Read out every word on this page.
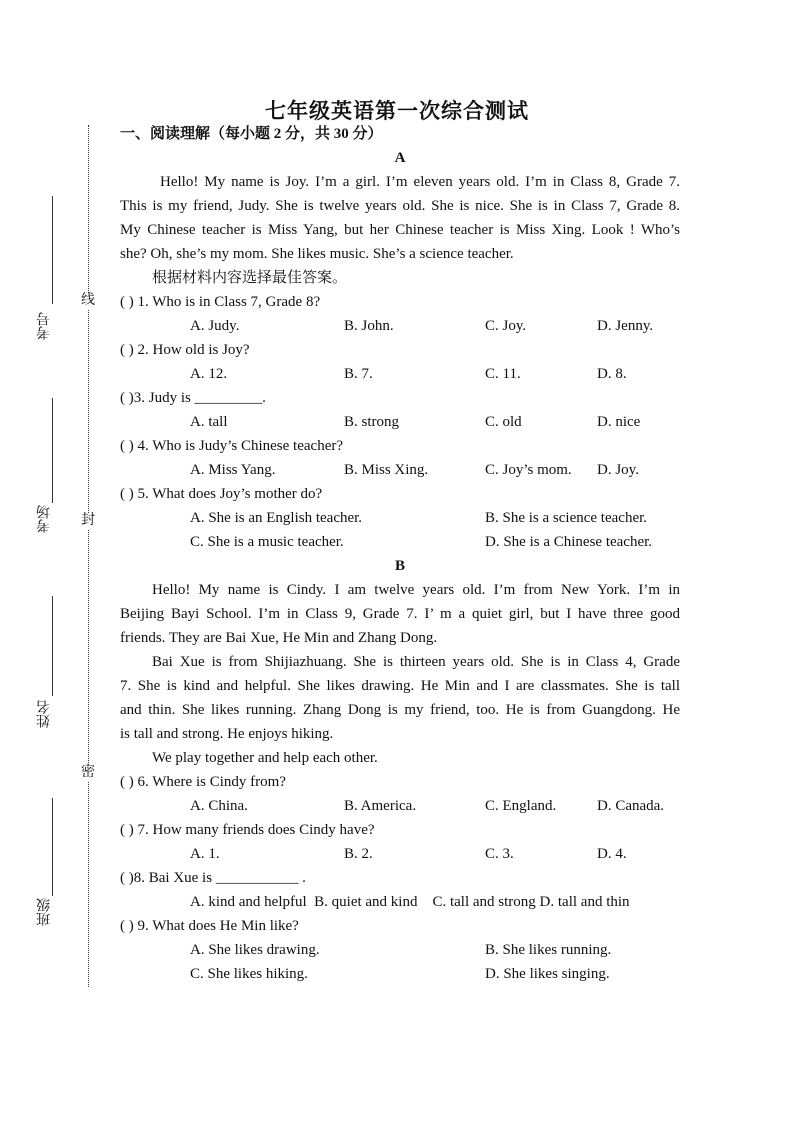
线
封
密
考号
考场
姓名
班级
七年级英语第一次综合测试
一、阅读理解（每小题 2 分，共 30 分）
A
Hello! My name is Joy. I’m a girl. I’m eleven years old. I’m in Class 8, Grade 7.
This is my friend, Judy. She is twelve years old. She is nice. She is in Class 7, Grade 8.
My Chinese teacher is Miss Yang, but her Chinese teacher is Miss Xing. Look ! Who’s
she? Oh, she’s my mom. She likes music. She’s a science teacher.
根据材料内容选择最佳答案。
( ) 1. Who is in Class 7, Grade 8?
A. Judy.	B. John.	C. Joy.	D. Jenny.
( ) 2. How old is Joy?
A. 12.	B. 7.	C. 11.	D. 8.
( )3. Judy is _________.
A. tall	B. strong	C. old	D. nice
( ) 4. Who is Judy’s Chinese teacher?
A. Miss Yang.	B. Miss Xing.	C. Joy’s mom. D. Joy.
( ) 5. What does Joy’s mother do?
A. She is an English teacher.	B. She is a science teacher.
C. She is a music teacher.	D. She is a Chinese teacher.
B
Hello! My name is Cindy. I am twelve years old. I’m from New York. I’m in
Beijing Bayi School. I’m in Class 9, Grade 7. I’ m a quiet girl, but I have three good
friends. They are Bai Xue, He Min and Zhang Dong.
Bai Xue is from Shijiazhuang. She is thirteen years old. She is in Class 4, Grade
7. She is kind and helpful. She likes drawing. He Min and I are classmates. She is tall
and thin. She likes running. Zhang Dong is my friend, too. He is from Guangdong. He
is tall and strong. He enjoys hiking.
We play together and help each other.
( ) 6. Where is Cindy from?
A. China.	B. America.	C. England.	D. Canada.
( ) 7. How many friends does Cindy have?
A. 1.	B. 2.	C. 3.	D. 4.
( )8. Bai Xue is ___________ .
A. kind and helpful  B. quiet and kind    C. tall and strong D. tall and thin
( ) 9. What does He Min like?
A. She likes drawing.	B. She likes running.
C. She likes hiking.	D. She likes singing.
